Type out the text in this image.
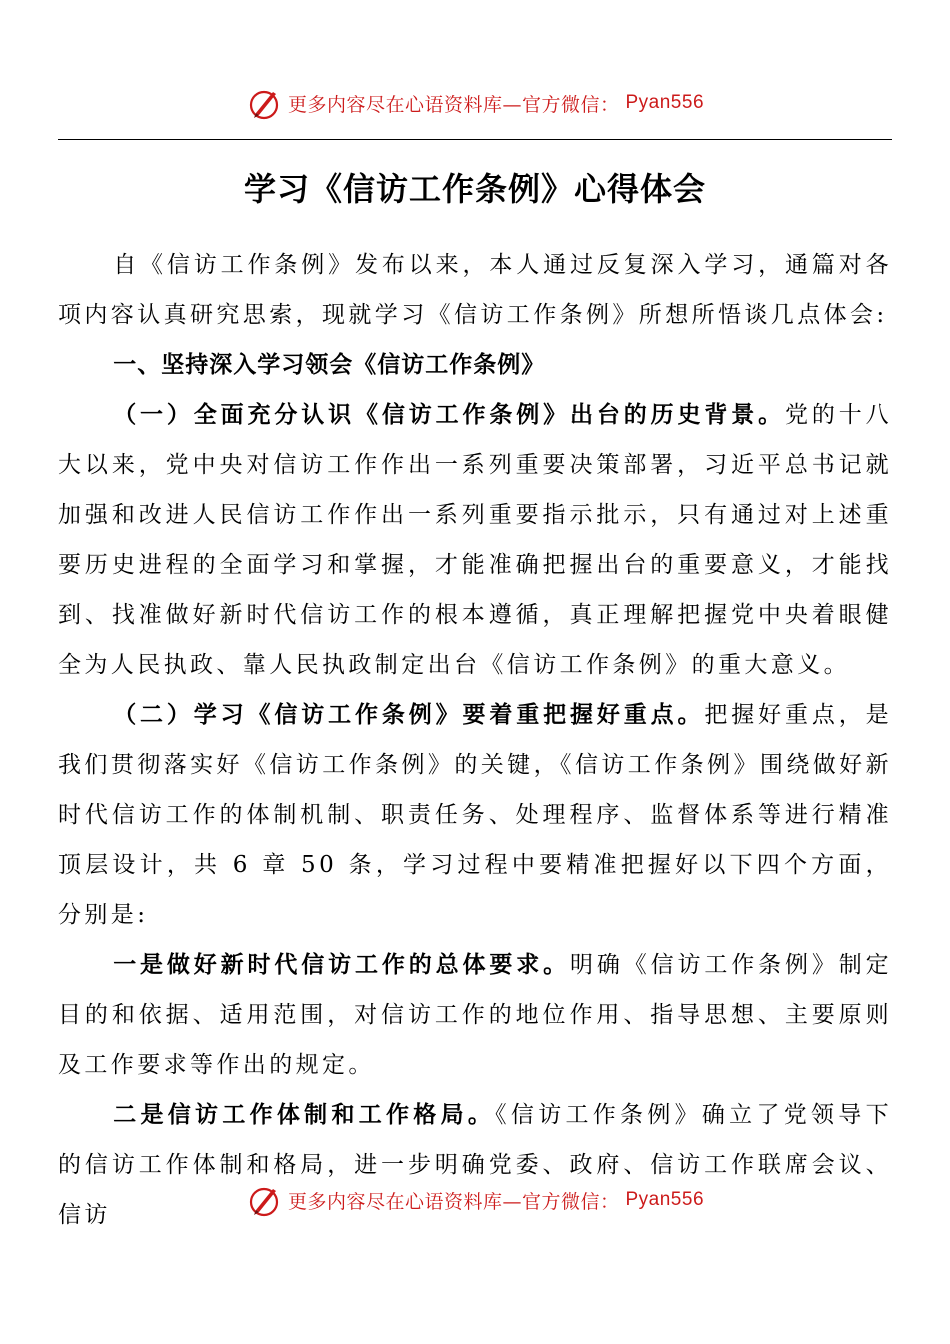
更多内容尽在心语资料库—官方微信： Pyan556
学习《信访工作条例》心得体会

自《信访工作条例》发布以来，本人通过反复深入学习，通篇对各项内容认真研究思索，现就学习《信访工作条例》所想所悟谈几点体会:

一、坚持深入学习领会《信访工作条例》

（一）全面充分认识《信访工作条例》出台的历史背景。党的十八大以来，党中央对信访工作作出一系列重要决策部署，习近平总书记就加强和改进人民信访工作作出一系列重要指示批示，只有通过对上述重要历史进程的全面学习和掌握，才能准确把握出台的重要意义，才能找到、找准做好新时代信访工作的根本遵循，真正理解把握党中央着眼健全为人民执政、靠人民执政制定出台《信访工作条例》的重大意义。

（二）学习《信访工作条例》要着重把握好重点。把握好重点，是我们贯彻落实好《信访工作条例》的关键，《信访工作条例》围绕做好新时代信访工作的体制机制、职责任务、处理程序、监督体系等进行精准顶层设计，共 6 章 50 条，学习过程中要精准把握好以下四个方面，分别是:

一是做好新时代信访工作的总体要求。明确《信访工作条例》制定目的和依据、适用范围，对信访工作的地位作用、指导思想、主要原则及工作要求等作出的规定。

二是信访工作体制和工作格局。《信访工作条例》确立了党领导下的信访工作体制和格局，进一步明确党委、政府、信访工作联席会议、信访

更多内容尽在心语资料库—官方微信： Pyan556
